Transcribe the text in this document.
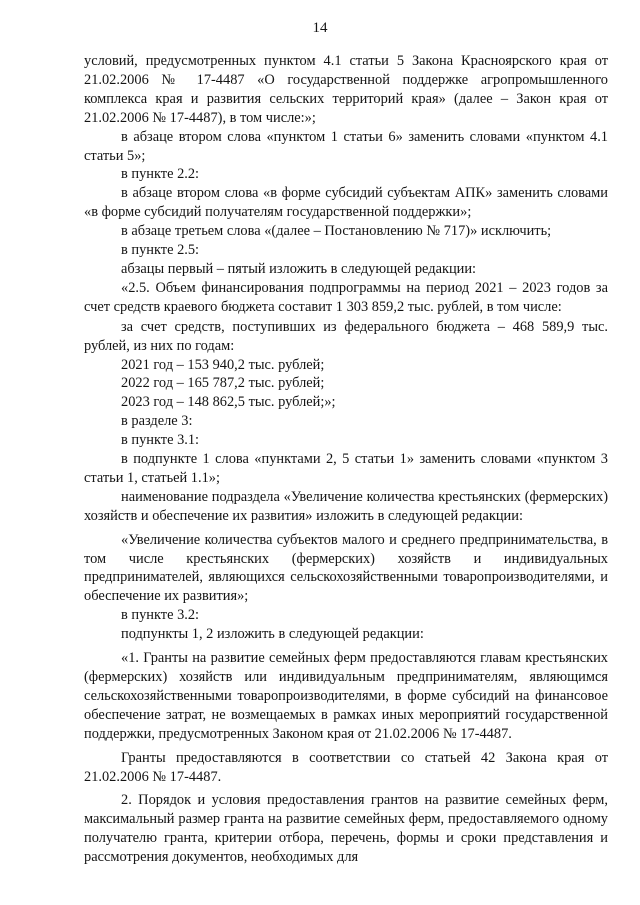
14

условий, предусмотренных пунктом 4.1 статьи 5 Закона Красноярского края от 21.02.2006 № 17-4487 «О государственной поддержке агропромышленного комплекса края и развития сельских территорий края» (далее – Закон края от 21.02.2006 № 17-4487), в том числе:»;

в абзаце втором слова «пунктом 1 статьи 6» заменить словами «пунктом 4.1 статьи 5»;

в пункте 2.2:

в абзаце втором слова «в форме субсидий субъектам АПК» заменить словами «в форме субсидий получателям государственной поддержки»;

в абзаце третьем слова «(далее – Постановлению № 717)» исключить;

в пункте 2.5:

абзацы первый – пятый изложить в следующей редакции:

«2.5. Объем финансирования подпрограммы на период 2021 – 2023 годов за счет средств краевого бюджета составит 1 303 859,2 тыс. рублей, в том числе:

за счет средств, поступивших из федерального бюджета – 468 589,9 тыс. рублей, из них по годам:

2021 год – 153 940,2 тыс. рублей;

2022 год – 165 787,2 тыс. рублей;

2023 год – 148 862,5 тыс. рублей;»;

в разделе 3:

в пункте 3.1:

в подпункте 1 слова «пунктами 2, 5 статьи 1» заменить словами «пунктом 3 статьи 1, статьей 1.1»;

наименование подраздела «Увеличение количества крестьянских (фермерских) хозяйств и обеспечение их развития» изложить в следующей редакции:

«Увеличение количества субъектов малого и среднего предпринимательства, в том числе крестьянских (фермерских) хозяйств и индивидуальных предпринимателей, являющихся сельскохозяйственными товаропроизводителями, и обеспечение их развития»;

в пункте 3.2:

подпункты 1, 2 изложить в следующей редакции:

«1. Гранты на развитие семейных ферм предоставляются главам крестьянских (фермерских) хозяйств или индивидуальным предпринимателям, являющимся сельскохозяйственными товаропроизводителями, в форме субсидий на финансовое обеспечение затрат, не возмещаемых в рамках иных мероприятий государственной поддержки, предусмотренных Законом края от 21.02.2006 № 17-4487.

Гранты предоставляются в соответствии со статьей 42 Закона края от 21.02.2006 № 17-4487.

2. Порядок и условия предоставления грантов на развитие семейных ферм, максимальный размер гранта на развитие семейных ферм, предоставляемого одному получателю гранта, критерии отбора, перечень, формы и сроки представления и рассмотрения документов, необходимых для
